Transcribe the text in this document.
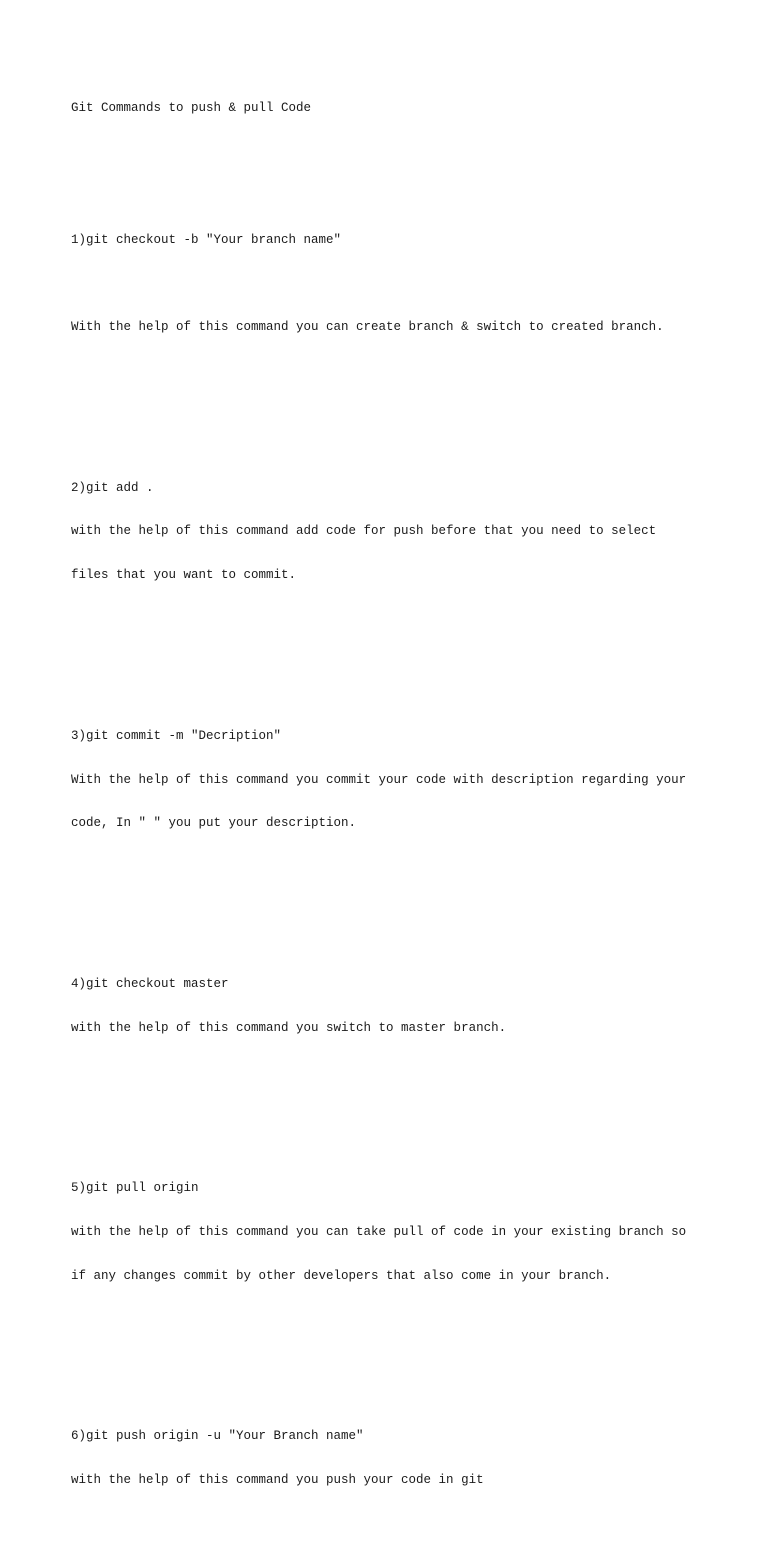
Git Commands to push & pull Code

1)git checkout -b "Your branch name"

With the help of this command you can create branch & switch to created branch.

2)git add .

with the help of this command add code for push before that you need to select

files that you want to commit.

3)git commit -m "Decription"

With the help of this command you commit your code with description regarding your

code, In " " you put your description.

4)git checkout master

with the help of this command you switch to master branch.

5)git pull origin

with the help of this command you can take pull of code in your existing branch so

if any changes commit by other developers that also come in your branch.

6)git push origin -u "Your Branch name"

with the help of this command you push your code in git
